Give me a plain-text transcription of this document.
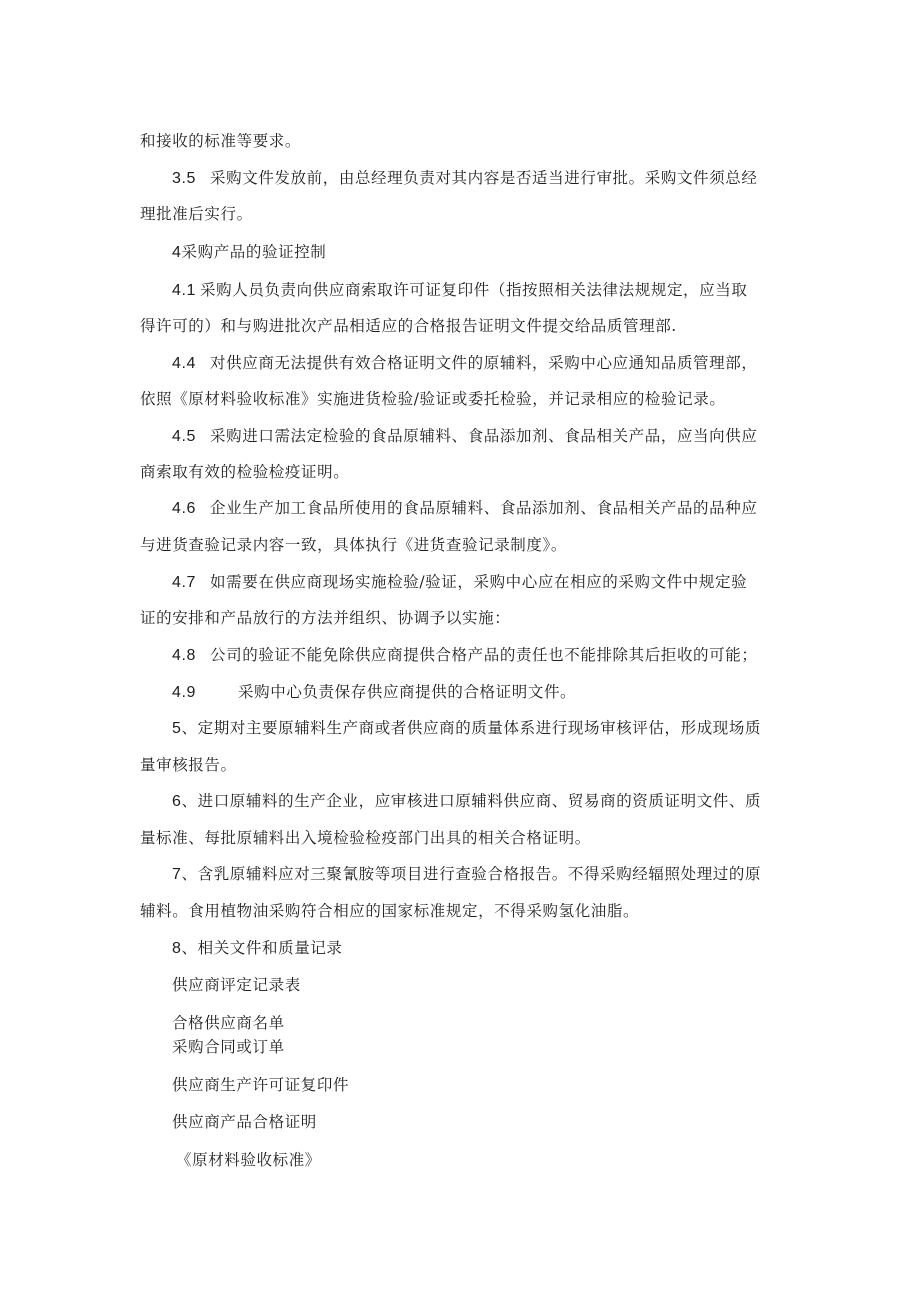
和接收的标准等要求。
3.5 采购文件发放前，由总经理负责对其内容是否适当进行审批。采购文件须总经
理批准后实行。
4采购产品的验证控制
4.1 采购人员负责向供应商索取许可证复印件（指按照相关法律法规规定，应当取
得许可的）和与购进批次产品相适应的合格报告证明文件提交给品质管理部.
4.4 对供应商无法提供有效合格证明文件的原辅料，采购中心应通知品质管理部，
依照《原材料验收标准》实施进货检验/验证或委托检验，并记录相应的检验记录。
4.5 采购进口需法定检验的食品原辅料、食品添加剂、食品相关产品，应当向供应
商索取有效的检验检疫证明。
4.6 企业生产加工食品所使用的食品原辅料、食品添加剂、食品相关产品的品种应
与进货查验记录内容一致，具体执行《进货查验记录制度》。
4.7 如需要在供应商现场实施检验/验证，采购中心应在相应的采购文件中规定验
证的安排和产品放行的方法并组织、协调予以实施：
4.8 公司的验证不能免除供应商提供合格产品的责任也不能排除其后拒收的可能；
4.9	采购中心负责保存供应商提供的合格证明文件。
5、定期对主要原辅料生产商或者供应商的质量体系进行现场审核评估，形成现场质
量审核报告。
6、进口原辅料的生产企业，应审核进口原辅料供应商、贸易商的资质证明文件、质
量标准、每批原辅料出入境检验检疫部门出具的相关合格证明。
7、含乳原辅料应对三聚氰胺等项目进行查验合格报告。不得采购经辐照处理过的原
辅料。食用植物油采购符合相应的国家标准规定，不得采购氢化油脂。
8、相关文件和质量记录
供应商评定记录表
合格供应商名单
采购合同或订单
供应商生产许可证复印件
供应商产品合格证明
《原材料验收标准》
